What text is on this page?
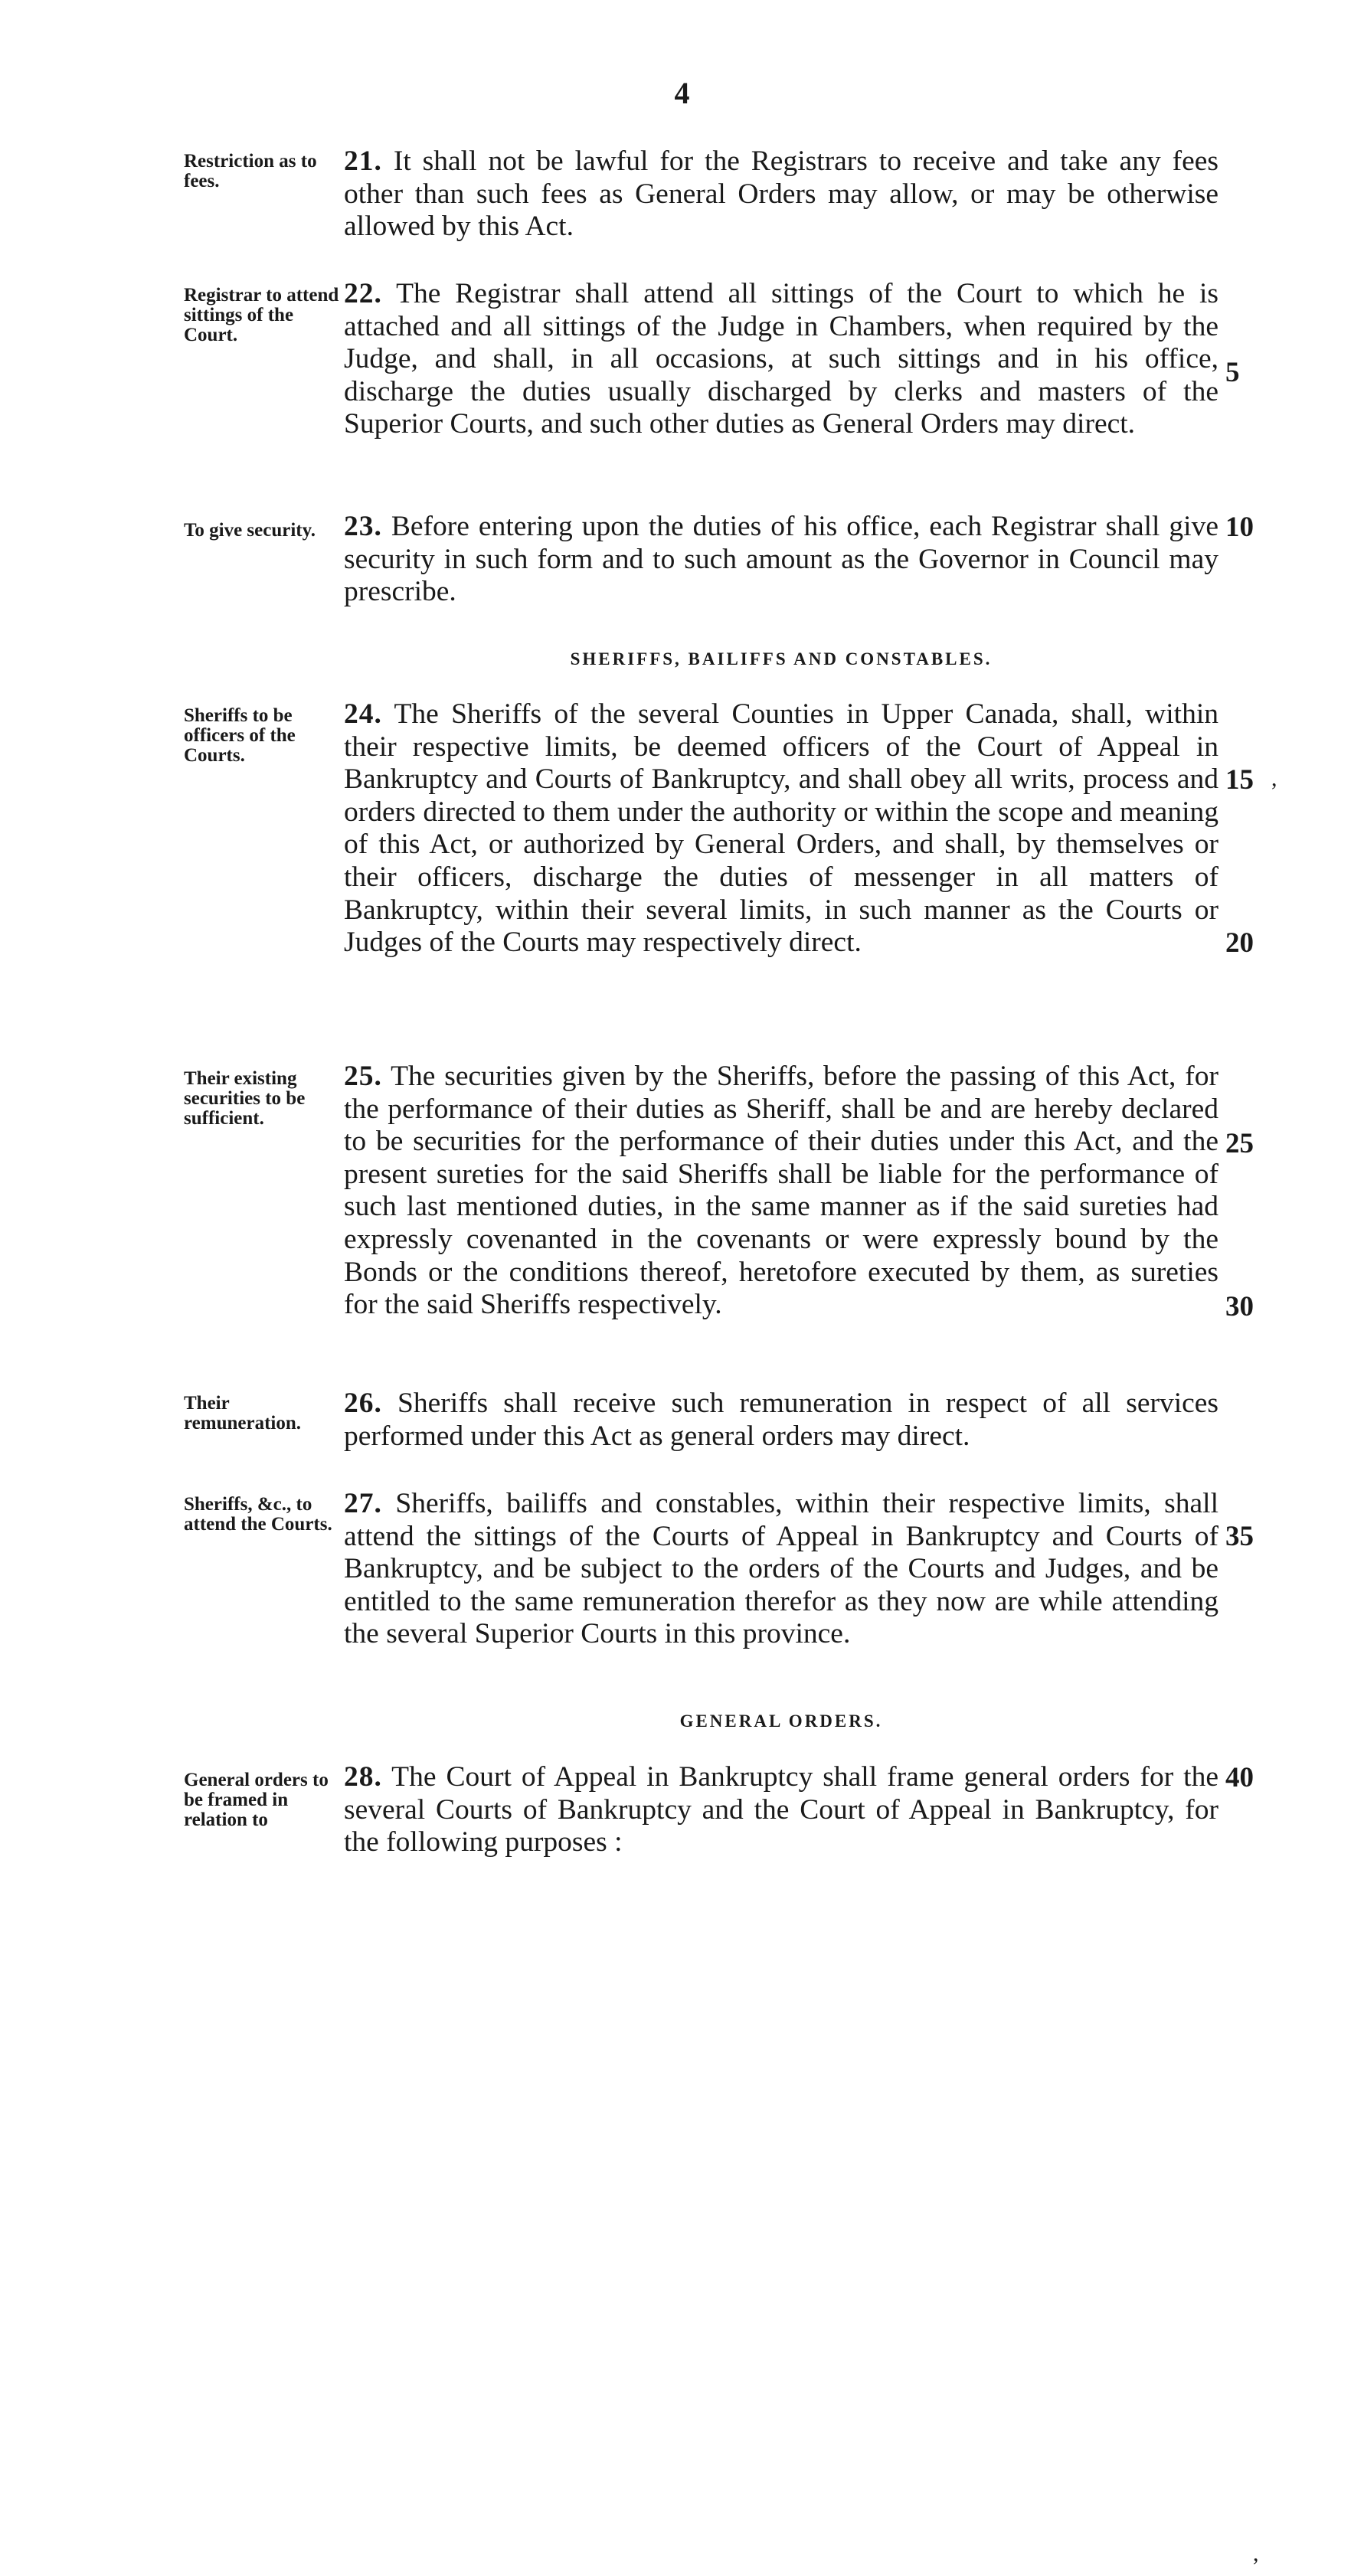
4
Restriction as to fees.
21. It shall not be lawful for the Registrars to receive and take any fees other than such fees as General Orders may allow, or may be otherwise allowed by this Act.
Registrar to attend sittings of the Court.
22. The Registrar shall attend all sittings of the Court to which he is attached and all sittings of the Judge in Chambers, when required by the Judge, and shall, in all occasions, at such sittings and in his office, discharge the duties usually discharged by clerks and masters of the Superior Courts, and such other duties as General Orders may direct.
To give security. 23. Before entering upon the duties of his office, each Registrar shall give security in such form and to such amount as the Governor in Council may prescribe.
SHERIFFS, BAILIFFS AND CONSTABLES.
Sheriffs to be officers of the Courts.
24. The Sheriffs of the several Counties in Upper Canada, shall, within their respective limits, be deemed officers of the Court of Appeal in Bankruptcy and Courts of Bankruptcy, and shall obey all writs, process and orders directed to them under the authority or within the scope and meaning of this Act, or authorized by General Orders, and shall, by themselves or their officers, discharge the duties of messenger in all matters of Bankruptcy, within their several limits, in such manner as the Courts or Judges of the Courts may respectively direct.
Their existing securities to be sufficient.
25. The securities given by the Sheriffs, before the passing of this Act, for the performance of their duties as Sheriff, shall be and are hereby declared to be securities for the performance of their duties under this Act, and the present sureties for the said Sheriffs shall be liable for the performance of such last mentioned duties, in the same manner as if the said sureties had expressly covenanted in the covenants or were expressly bound by the Bonds or the conditions thereof, heretofore executed by them, as sureties for the said Sheriffs respectively.
Their remuneration.
26. Sheriffs shall receive such remuneration in respect of all services performed under this Act as general orders may direct.
Sheriffs, &c., to attend the Courts.
27. Sheriffs, bailiffs and constables, within their respective limits, shall attend the sittings of the Courts of Appeal in Bankruptcy and Courts of Bankruptcy, and be subject to the orders of the Courts and Judges, and be entitled to the same remuneration therefor as they now are while attending the several Superior Courts in this province.
GENERAL ORDERS.
General orders to be framed in relation to
28. The Court of Appeal in Bankruptcy shall frame general orders for the several Courts of Bankruptcy and the Court of Appeal in Bankruptcy, for the following purposes :
5
10
15
20
25
30
35
40
,
,
